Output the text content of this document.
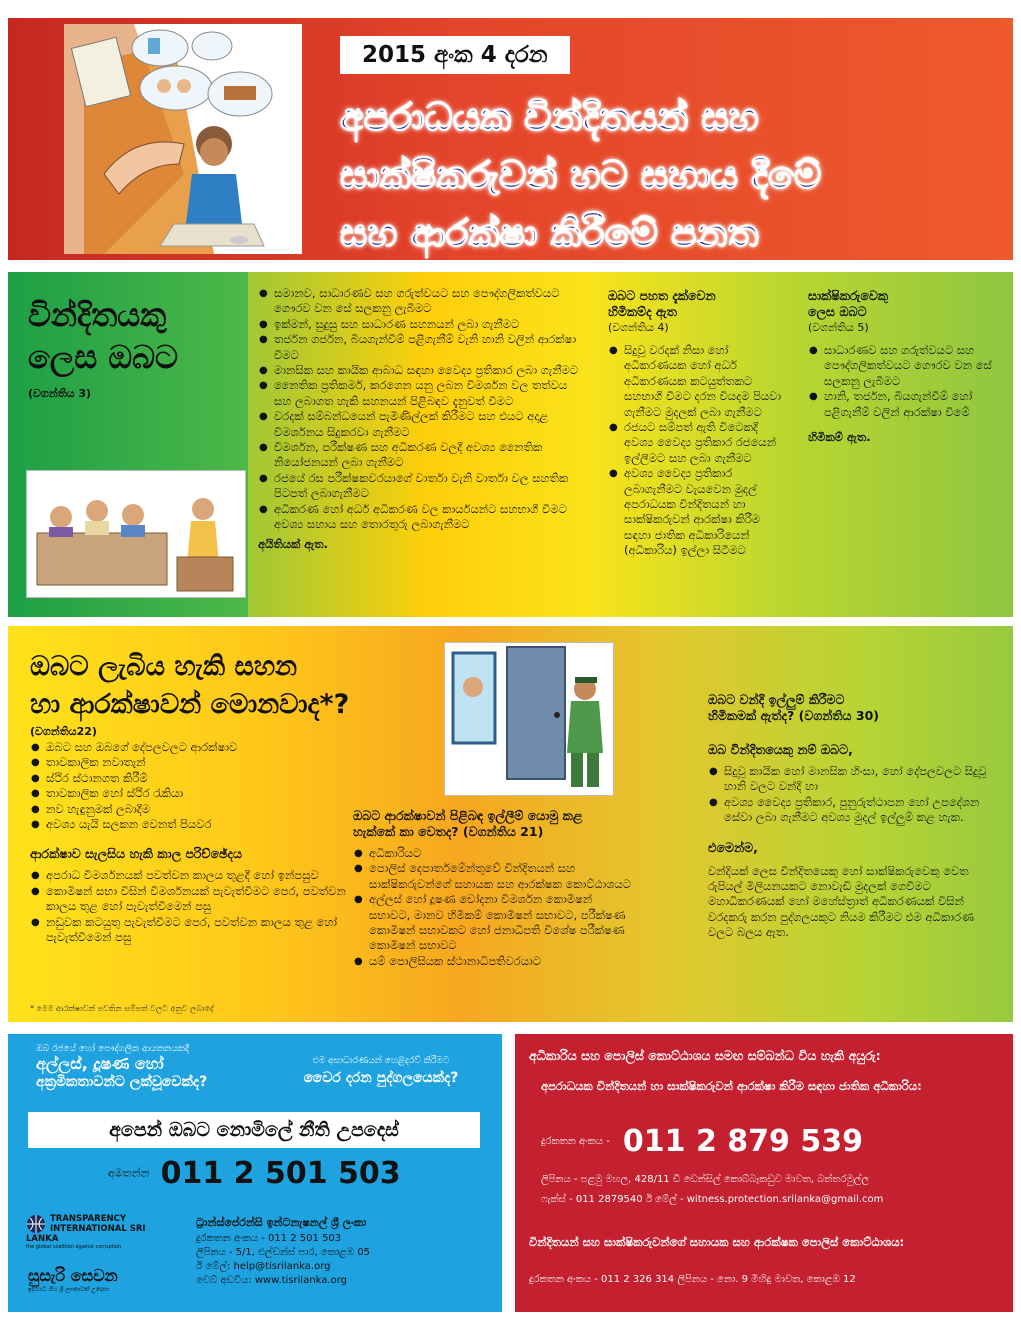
2015 අංක 4 දරන
අපරාධයක වින්දිතයන් සහ
සාක්ෂිකරුවන් හට සහාය දීමේ
සහ ආරක්ෂා කිරීමේ පනත
වින්දිතයකු
ලෙස ඔබට
(වගන්තිය 3)
● සමානව, සාධාරණව සහ ගරුත්වයට සහ පෞද්ගලිකත්වයට ගෞරව වන සේ සලකනු ලැබීමට
● ඉක්මන්, සුදුසු සහ සාධාරණ සහනයන් ලබා ගැනීමට
● තර්ජන ගර්ජන, බියගැන්වීම් පළිගැනීම් වැනි හානි වලින් ආරක්ෂා වීමට
● මානසික සහ කායික ආබාධ සඳහා වෛද්‍ය ප්‍රතිකාර ලබා ගැනීමට
● නෛතික ප්‍රතිකර්ම, කරගෙන යනු ලබන විමර්ශන වල තත්වය සහ ලබාගත හැකි සහනයන් පිළිබඳව දැනුවත් වීමට
● වරදක් සම්බන්ධයෙන් පැමිණිල්ලක් කිරීමට සහ එයට අදාළ විමර්ශනය සිදුකරවා ගැනීමට
● විමර්ශන, පරීක්ෂණ සහ අධිකරණ වලදී අවශ්‍ය නෛතික නියෝජනයන් ලබා ගැනීමට
● රජයේ රස පරීක්ෂකවරයාගේ වාර්තා වැනි වාර්තා වල සහතික පිටපත් ලබාගැනීමට
● අධිකරණ හෝ අර්ධ අධිකරණ වල කාර්යයන්ට සහභාගී වීමට අවශ්‍ය සහාය සහ තොරතුරු ලබාගැනීමට
අයිතියක් ඇත.
ඔබට පහත දැක්වෙන
හිමිකම්ද ඇත
(වගන්තිය 4)
● සිදුවූ වරදක් නිසා හෝ අධිකරණයක හෝ අර්ධ අධිකරණයක කටයුත්තකට සහභාගී වීමට දරන වියදම පියවා ගැනීමට මුදලක් ලබා ගැනීමට
● රජයට සම්පත් ඇති විටෙකදී අවශ්‍ය වෛද්‍ය ප්‍රතිකාර රජයෙන් ඉල්ලීමට සහ ලබා ගැනීමට
● අවශ්‍ය වෛද්‍ය ප්‍රතිකාර ලබාගැනීමට වැයවෙන මුදල් අපරාධයක වින්දිතයන් හා සාක්ෂිකරුවන් ආරක්ෂා කිරීම සඳහා ජාතික අධිකාරියෙන් (අධිකාරිය) ඉල්ලා සිටීමට
සාක්ෂිකරුවෙකු
ලෙස ඔබට
(වගන්තිය 5)
● සාධාරණව සහ ගරුත්වයට සහ පෞද්ගලිකත්වයට ගෞරව වන සේ සලකනු ලැබීමට
● හානි, තර්ජන, බියගැන්වීම් හෝ පළිගැනීම් වලින් ආරක්ෂා වීමේ
හිමිකම් ඇත.
ඔබට ලැබිය හැකි සහන
හා ආරක්ෂාවන් මොනවාද*?
(වගන්තිය22)
● ඔබට සහ ඔබගේ දේපලවලට ආරක්ෂාව
● තාවකාලික නවාතැන්
● ස්ථිර ස්ථානගත කිරීම්
● තාවකාලික හෝ ස්ථිර රැකියා
● නව හැඳුනුමක් ලබාදීම
● අවශ්‍ය යැයි සලකන වෙනත් පියවර
ආරක්ෂාව සැලසිය හැකි කාල පරිච්ඡේදය
● අපරාධ විමර්ශනයක් පවත්වන කාලය තුළදී හෝ ඉන්පසුව
● කොමිෂන් සභා විසින් විමර්ශනයක් පැවැත්වීමට පෙර, පවත්වන කාලය තුළ හෝ පැවැත්වීමෙන් පසු
● නඩුවක කටයුතු පැවැත්වීමට පෙර, පවත්වන කාලය තුළ හෝ පැවැත්වීමෙන් පසු
* මෙම ආරක්ෂාවන් පවතින සම්පත් වලට අනුව ලබාදේ
ඔබට ආරක්ෂාවන් පිළිබඳ ඉල්ලීම් යොමු කළ
හැක්කේ කා වෙතද? (වගන්තිය 21)
● අධිකාරියට
● පොලිස් දෙපාර්තමේන්තුවේ වින්දිතයන් සහ සාක්ෂිකරුවන්ගේ සහායක සහ ආරක්ෂක කොට්ඨාශයට
● අල්ලස් හෝ දූෂණ චෝදනා විමර්ශන කොමිෂන් සභාවට, මානව හිමිකම් කොමිෂන් සභාවට, පරීක්ෂණ කොමිෂන් සභාවකට හෝ ජනාධිපති විශේෂ පරීක්ෂණ කොමිෂන් සභාවට
● යම් පොලිසියක ස්ථානාධිපතිවරයාට
ඔබට වන්දි ඉල්ලුම් කිරීමට
හිමිකමක් ඇත්ද? (වගන්තිය 30)
ඔබ වින්දිතයෙකු නම් ඔබට,
● සිදුවූ කායික හෝ මානසික හිංසා, හෝ දේපලවලට සිදුවූ හානි වලට වන්දි හා
● අවශ්‍ය වෛද්‍ය ප්‍රතිකාර, පුනුරුත්ථාපන හෝ උපදේශන සේවා ලබා ගැනීමට අවශ්‍ය මුදල් ඉල්ලුම් කළ හැක.
එමෙන්ම,
වන්දියක් ලෙස වින්දිතයෙකු හෝ සාක්ෂිකරුවෙකු වෙත රුපියල් මිලියනයකට නොවැඩි මුදලක් ගෙවීමට මහාධිකරණයක් හෝ මහේස්ත්‍රාත් අධිකරණයක් විසින් වරදකරු කරන පුද්ගලයකුට නියම කිරීමට එම අධිකාරණ වලට බලය ඇත.
ඔබ රජයේ හෝ පෞද්ගලික ආයතනයකදී
අල්ලස්, දූෂණ හෝ
අක්‍රමිකතාවන්ට ලක්වූවෙක්ද?
එම අසාධාරණයන් හෙළිදරව් කිරීමට
වෛර දරන පුද්ගලයෙක්ද?
අපෙන් ඔබට නොමිලේ නීති උපදෙස්
අමතන්න 011 2 501 503
TRANSPARENCY INTERNATIONAL SRI LANKA
the global coalition against corruption
සුසැරි සෙවන
ඉදිරියට ගිය ශ්‍රී ලාංකාවක් උදෙසා
ට්‍රාන්ස්පේරන්සි ඉන්ටනැෂනල් ශ්‍රී ලංකා
දුරකතන අංකය - 011 2 501 503
ලිපිනය - 5/1, එල්ඩන්ස් පාර, කොළඹ 05
ඊ මේල්: help@tisrilanka.org
වෙබ් අඩවිය: www.tisrilanka.org
අධිකාරිය සහ පොලිස් කොට්ඨාශය සමඟ සම්බන්ධ විය හැකි අයුරු:
අපරාධයක වින්දිතයන් හා සාක්ෂිකරුවන් ආරක්ෂා කිරීම සඳහා ජාතික අධිකාරිය:
දුරකතන අංකය - 011 2 879 539
ලිපිනය - පළමු මහල, 428/11 ඩී ඩෙන්සිල් කොබ්බෑකඩුව මාවත, බත්තරමුල්ල
ෆැක්ස් - 011 2879540 ඊ මේල් - witness.protection.srilanka@gmail.com
වින්දිතයන් සහ සාක්ෂිකරුවන්ගේ සහායක සහ ආරක්ෂක පොලිස් කොට්ඨාශය:
දුරකතන අංකය - 011 2 326 314 ලිපිනය - නො. 9 මිහිඳු මාවත, කොළඹ 12
